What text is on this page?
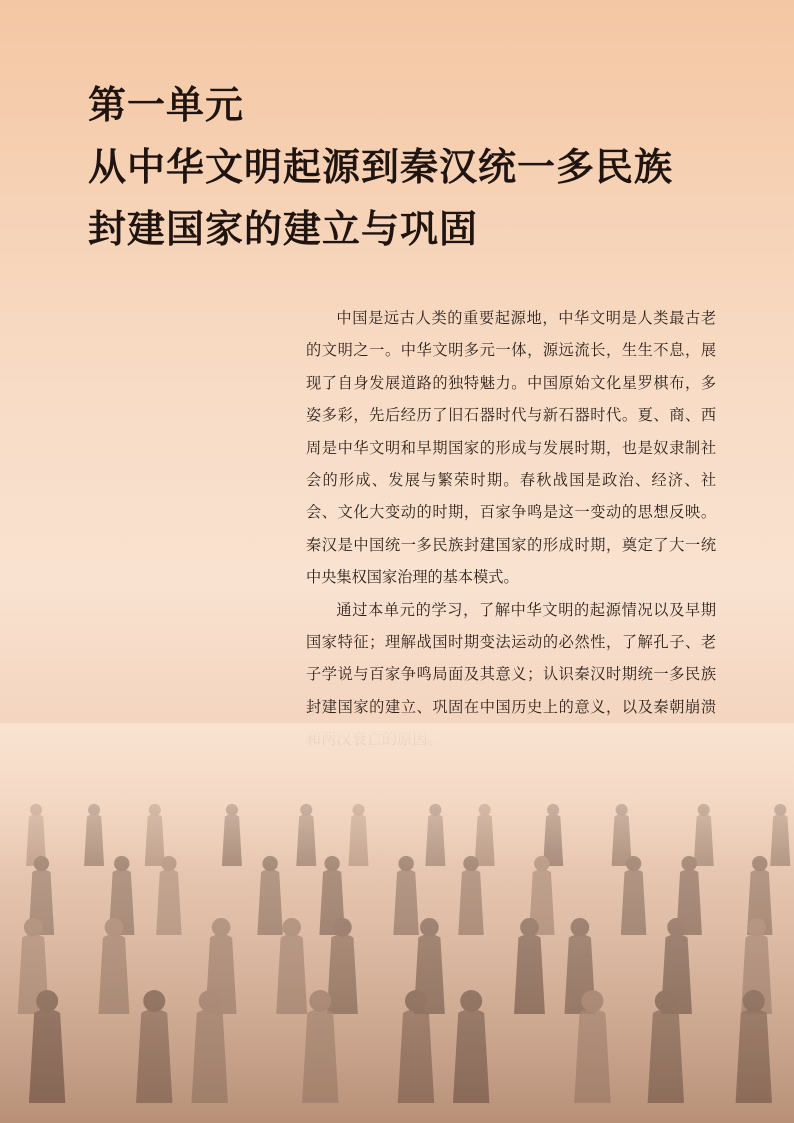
第一单元
从中华文明起源到秦汉统一多民族
封建国家的建立与巩固

中国是远古人类的重要起源地，中华文明是人类最古老的文明之一。中华文明多元一体，源远流长，生生不息，展现了自身发展道路的独特魅力。中国原始文化星罗棋布，多姿多彩，先后经历了旧石器时代与新石器时代。夏、商、西周是中华文明和早期国家的形成与发展时期，也是奴隶制社会的形成、发展与繁荣时期。春秋战国是政治、经济、社会、文化大变动的时期，百家争鸣是这一变动的思想反映。秦汉是中国统一多民族封建国家的形成时期，奠定了大一统中央集权国家治理的基本模式。

通过本单元的学习，了解中华文明的起源情况以及早期国家特征；理解战国时期变法运动的必然性，了解孔子、老子学说与百家争鸣局面及其意义；认识秦汉时期统一多民族封建国家的建立、巩固在中国历史上的意义，以及秦朝崩溃
